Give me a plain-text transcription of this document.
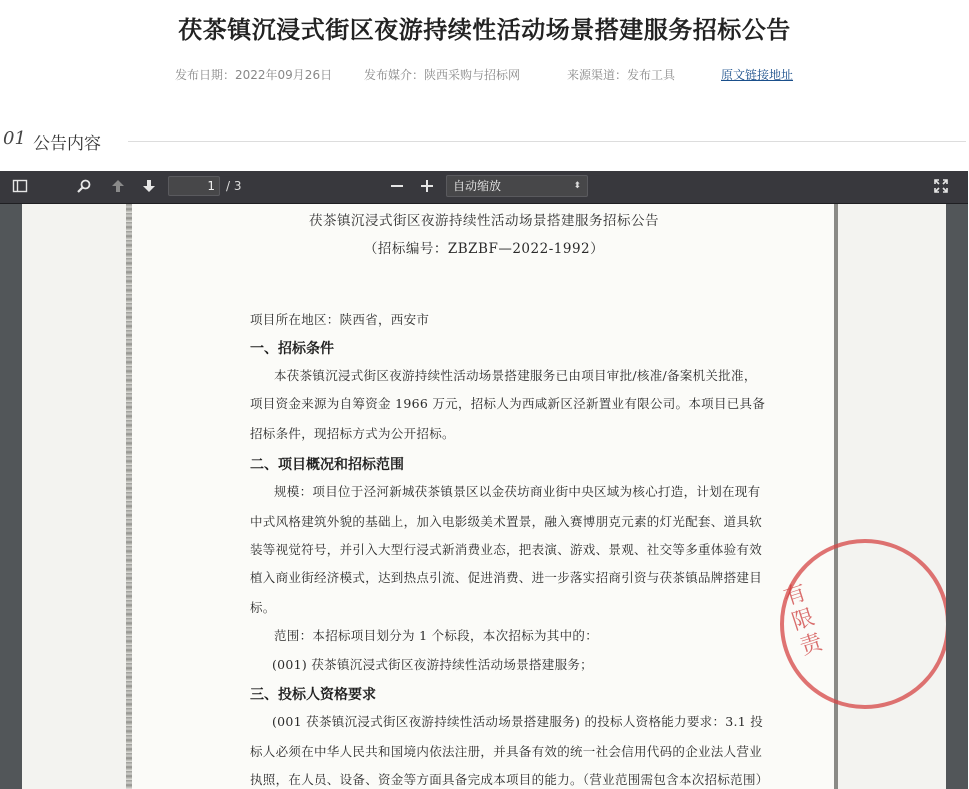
茯茶镇沉浸式街区夜游持续性活动场景搭建服务招标公告
发布日期：2022年09月26日	发布媒介：陕西采购与招标网	来源渠道：发布工具	原文链接地址
01 公告内容
1 / 3	自动缩放	⬍
有
限
责
茯茶镇沉浸式街区夜游持续性活动场景搭建服务招标公告
（招标编号：ZBZBF—2022-1992）
项目所在地区：陕西省，西安市
一、招标条件
本茯茶镇沉浸式街区夜游持续性活动场景搭建服务已由项目审批/核准/备案机关批准，
项目资金来源为自筹资金 1966 万元，招标人为西咸新区泾新置业有限公司。本项目已具备
招标条件，现招标方式为公开招标。
二、项目概况和招标范围
规模：项目位于泾河新城茯茶镇景区以金茯坊商业街中央区域为核心打造，计划在现有
中式风格建筑外貌的基础上，加入电影级美术置景，融入赛博朋克元素的灯光配套、道具软
装等视觉符号，并引入大型行浸式新消费业态，把表演、游戏、景观、社交等多重体验有效
植入商业街经济模式，达到热点引流、促进消费、进一步落实招商引资与茯茶镇品牌搭建目
标。
范围：本招标项目划分为 1 个标段，本次招标为其中的：
(001) 茯茶镇沉浸式街区夜游持续性活动场景搭建服务；
三、投标人资格要求
(001 茯茶镇沉浸式街区夜游持续性活动场景搭建服务) 的投标人资格能力要求：3.1 投
标人必须在中华人民共和国境内依法注册，并具备有效的统一社会信用代码的企业法人营业
执照，在人员、设备、资金等方面具备完成本项目的能力。（营业范围需包含本次招标范围）
